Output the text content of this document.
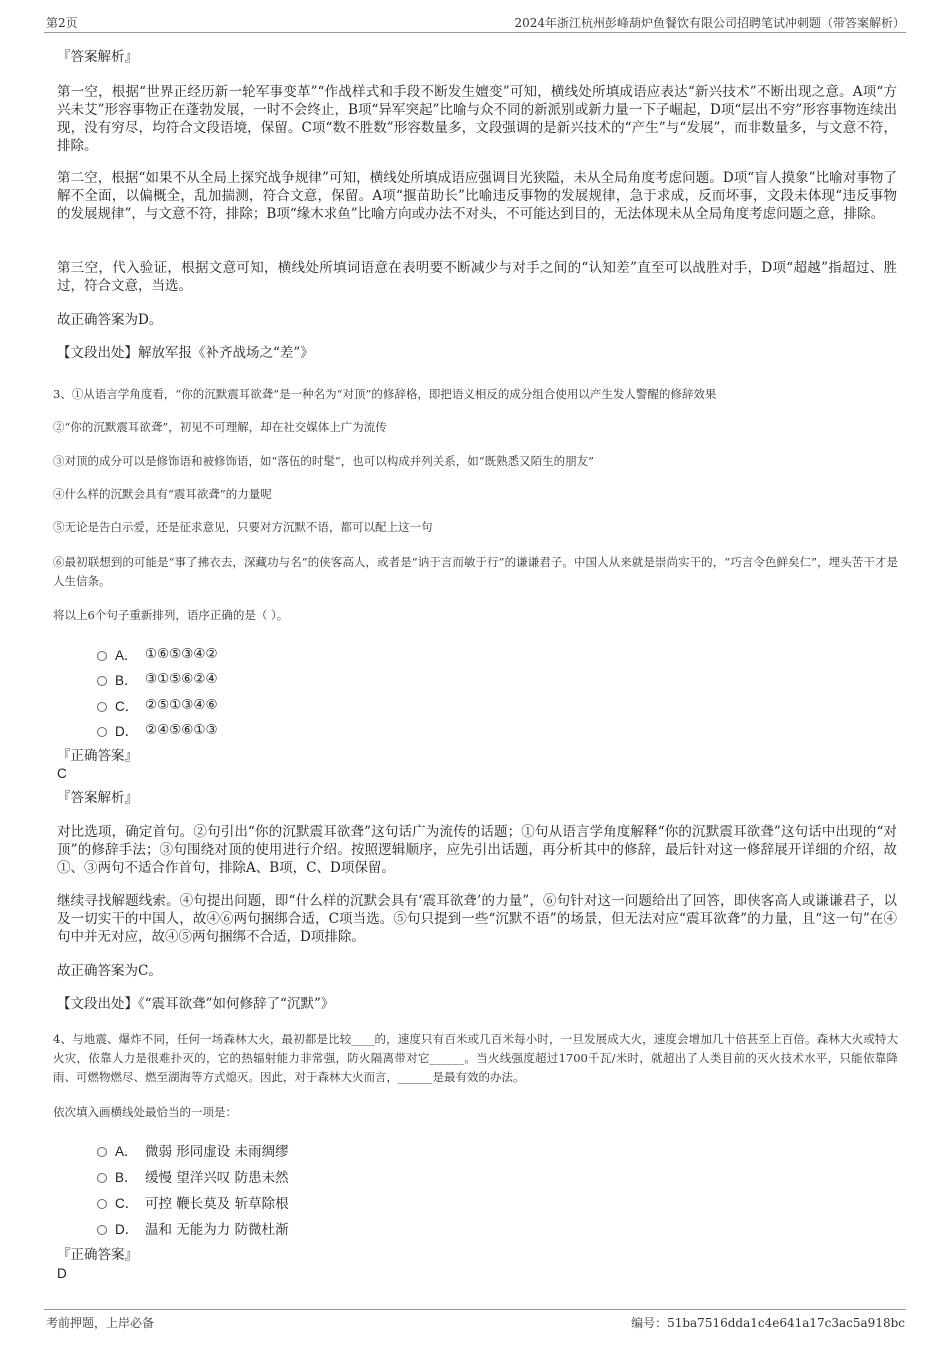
第2页	2024年浙江杭州彭峰葫炉鱼餐饮有限公司招聘笔试冲刺题（带答案解析）
『答案解析』

第一空，根据“世界正经历新一轮军事变革”“作战样式和手段不断发生嬗变”可知，横线处所填成语应表达“新兴技术”不断出现之意。A项“方兴未艾”形容事物正在蓬勃发展，一时不会终止，B项“异军突起”比喻与众不同的新派别或新力量一下子崛起，D项“层出不穷”形容事物连续出现，没有穷尽，均符合文段语境，保留。C项“数不胜数”形容数量多，文段强调的是新兴技术的“产生”与“发展”，而非数量多，与文意不符，排除。

第二空，根据“如果不从全局上探究战争规律”可知，横线处所填成语应强调目光狭隘，未从全局角度考虑问题。D项“盲人摸象”比喻对事物了解不全面，以偏概全，乱加揣测，符合文意，保留。A项“揠苗助长”比喻违反事物的发展规律，急于求成，反而坏事，文段未体现“违反事物的发展规律”，与文意不符，排除；B项“缘木求鱼”比喻方向或办法不对头，不可能达到目的，无法体现未从全局角度考虑问题之意，排除。

第三空，代入验证，根据文意可知，横线处所填词语意在表明要不断减少与对手之间的“认知差”直至可以战胜对手，D项“超越”指超过、胜过，符合文意，当选。

故正确答案为D。

【文段出处】解放军报《补齐战场之“差”》

3、①从语言学角度看，“你的沉默震耳欲聋”是一种名为“对顶”的修辞格，即把语义相反的成分组合使用以产生发人警醒的修辞效果

②“你的沉默震耳欲聋”，初见不可理解，却在社交媒体上广为流传

③对顶的成分可以是修饰语和被修饰语，如“落伍的时髦”，也可以构成并列关系，如“既熟悉又陌生的朋友”

④什么样的沉默会具有“震耳欲聋”的力量呢

⑤无论是告白示爱，还是征求意见，只要对方沉默不语，都可以配上这一句

⑥最初联想到的可能是“事了拂衣去，深藏功与名”的侠客高人，或者是“讷于言而敏于行”的谦谦君子。中国人从来就是崇尚实干的，“巧言令色鲜矣仁”，埋头苦干才是人生信条。

将以上6个句子重新排列，语序正确的是（ ）。

A． ①⑥⑤③④②
B． ③①⑤⑥②④
C． ②⑤①③④⑥
D． ②④⑤⑥①③
『正确答案』
C
『答案解析』

对比选项，确定首句。②句引出“你的沉默震耳欲聋”这句话广为流传的话题；①句从语言学角度解释“你的沉默震耳欲聋”这句话中出现的“对顶”的修辞手法；③句围绕对顶的使用进行介绍。按照逻辑顺序，应先引出话题，再分析其中的修辞，最后针对这一修辞展开详细的介绍，故①、③两句不适合作首句，排除A、B项，C、D项保留。

继续寻找解题线索。④句提出问题，即“什么样的沉默会具有‘震耳欲聋’的力量”，⑥句针对这一问题给出了回答，即侠客高人或谦谦君子，以及一切实干的中国人，故④⑥两句捆绑合适，C项当选。⑤句只提到一些“沉默不语”的场景，但无法对应“震耳欲聋”的力量，且“这一句”在④句中并无对应，故④⑤两句捆绑不合适，D项排除。

故正确答案为C。

【文段出处】《“震耳欲聋”如何修辞了“沉默”》

4、与地震、爆炸不同，任何一场森林大火，最初都是比较____的，速度只有百米或几百米每小时，一旦发展成大火，速度会增加几十倍甚至上百倍。森林大火或特大火灾，依靠人力是很难扑灭的，它的热辐射能力非常强，防火隔离带对它______。当火线强度超过1700千瓦/米时，就超出了人类目前的灭火技术水平，只能依靠降雨、可燃物燃尽、燃至湖海等方式熄灭。因此，对于森林大火而言，______是最有效的办法。

依次填入画横线处最恰当的一项是：

A． 微弱 形同虚设 未雨绸缪
B． 缓慢 望洋兴叹 防患未然
C． 可控 鞭长莫及 斩草除根
D． 温和 无能为力 防微杜渐
『正确答案』
D
考前押题，上岸必备	编号：51ba7516dda1c4e641a17c3ac5a918bc
